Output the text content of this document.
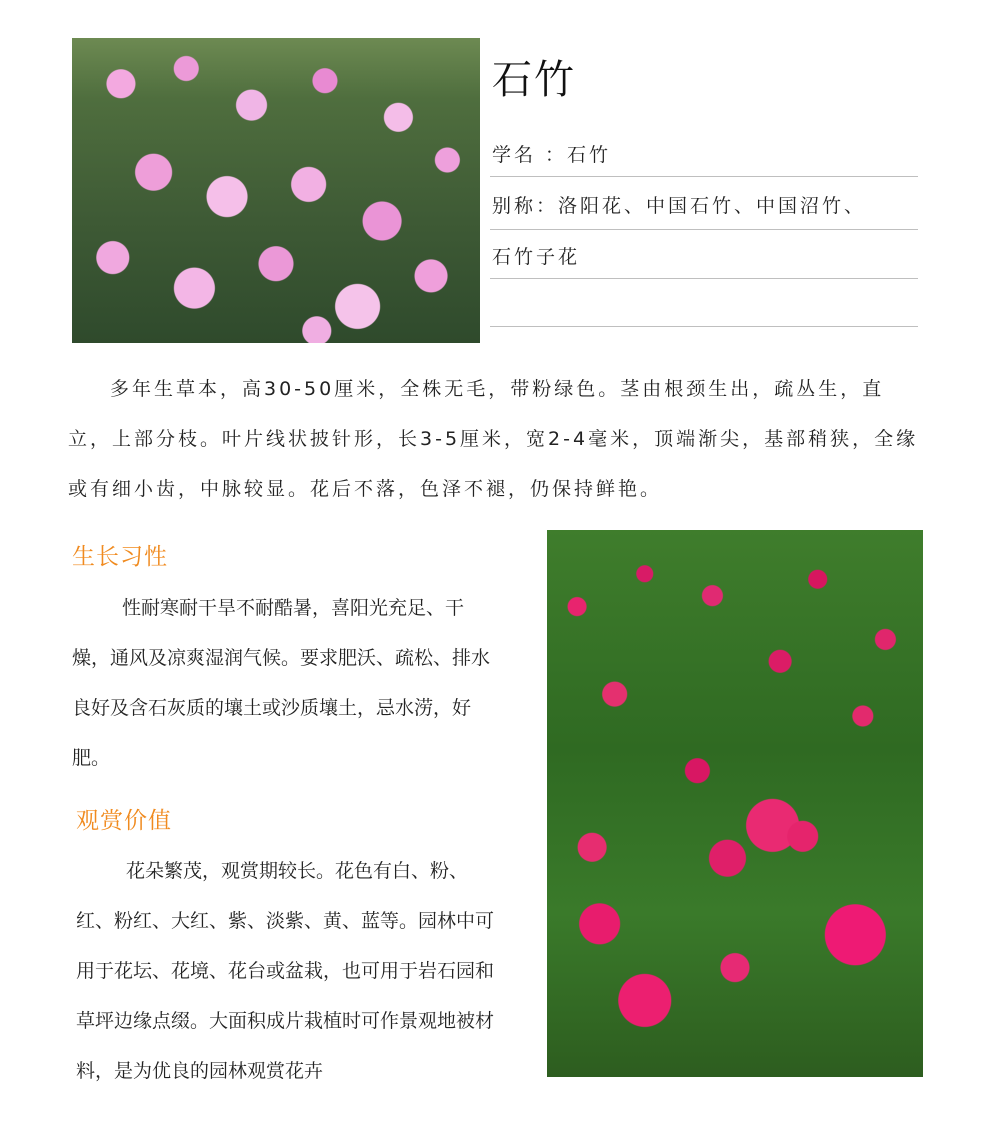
石竹
学名 ：石竹
别称：洛阳花、中国石竹、中国沼竹、
石竹子花
多年生草本，高30-50厘米，全株无毛，带粉绿色。茎由根颈生出，疏丛生，直立，上部分枝。叶片线状披针形，长3-5厘米，宽2-4毫米，顶端渐尖，基部稍狭，全缘或有细小齿，中脉较显。花后不落，色泽不褪，仍保持鲜艳。
生长习性
性耐寒耐干旱不耐酷暑，喜阳光充足、干燥，通风及凉爽湿润气候。要求肥沃、疏松、排水良好及含石灰质的壤土或沙质壤土，忌水涝，好肥。
观赏价值
花朵繁茂，观赏期较长。花色有白、粉、红、粉红、大红、紫、淡紫、黄、蓝等。园林中可用于花坛、花境、花台或盆栽，也可用于岩石园和草坪边缘点缀。大面积成片栽植时可作景观地被材料，是为优良的园林观赏花卉
